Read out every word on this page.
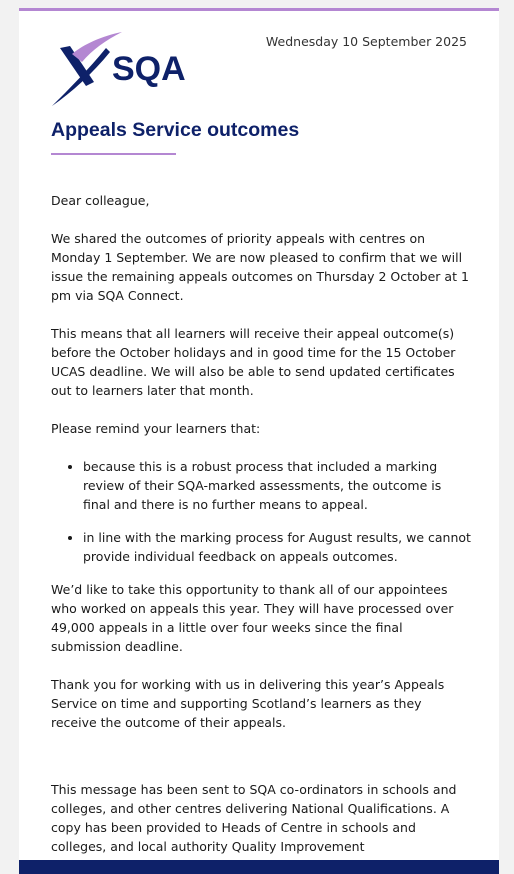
SQA
Wednesday 10 September 2025
Appeals Service outcomes

Dear colleague,

We shared the outcomes of priority appeals with centres on Monday 1 September. We are now pleased to confirm that we will issue the remaining appeals outcomes on Thursday 2 October at 1 pm via SQA Connect.

This means that all learners will receive their appeal outcome(s) before the October holidays and in good time for the 15 October UCAS deadline. We will also be able to send updated certificates out to learners later that month.

Please remind your learners that:

• because this is a robust process that included a marking review of their SQA-marked assessments, the outcome is final and there is no further means to appeal.
• in line with the marking process for August results, we cannot provide individual feedback on appeals outcomes.

We’d like to take this opportunity to thank all of our appointees who worked on appeals this year. They will have processed over 49,000 appeals in a little over four weeks since the final submission deadline.

Thank you for working with us in delivering this year’s Appeals Service on time and supporting Scotland’s learners as they receive the outcome of their appeals.

This message has been sent to SQA co-ordinators in schools and colleges, and other centres delivering National Qualifications. A copy has been provided to Heads of Centre in schools and colleges, and local authority Quality Improvement
